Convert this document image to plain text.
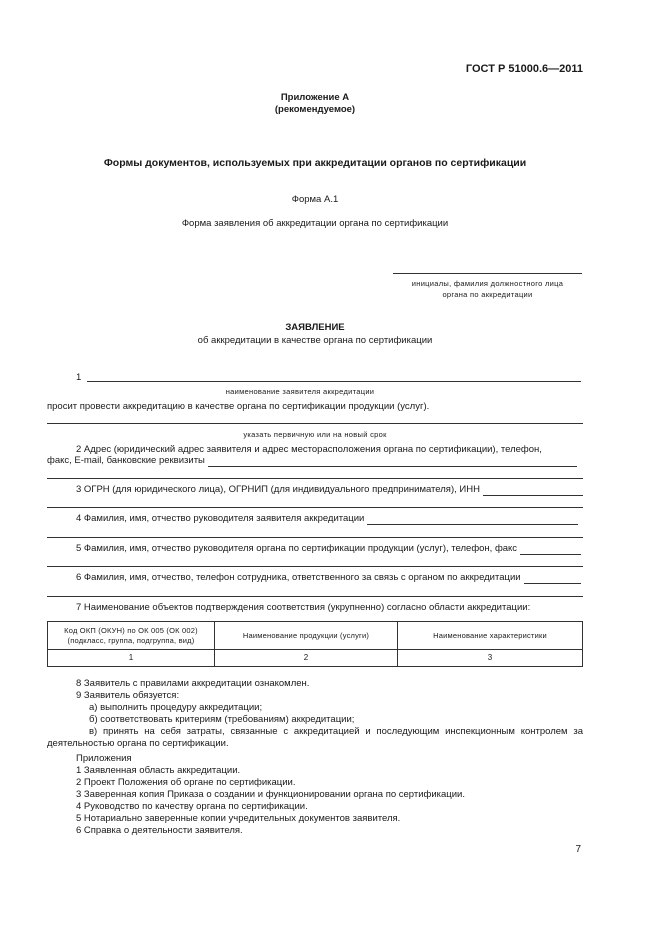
ГОСТ Р 51000.6—2011
Приложение А
(рекомендуемое)
Формы документов, используемых при аккредитации органов по сертификации
Форма А.1
Форма заявления об аккредитации органа по сертификации
инициалы, фамилия должностного лица
органа по аккредитации
ЗАЯВЛЕНИЕ
об аккредитации в качестве органа по сертификации
1
наименование заявителя аккредитации
просит провести аккредитацию в качестве органа по сертификации продукции (услуг).
указать первичную или на новый срок
2 Адрес (юридический адрес заявителя и адрес месторасположения органа по сертификации), телефон,
факс, E-mail, банковские реквизиты
3 ОГРН (для юридического лица), ОГРНИП (для индивидуального предпринимателя), ИНН
4 Фамилия, имя, отчество руководителя заявителя аккредитации
5 Фамилия, имя, отчество руководителя органа по сертификации продукции (услуг), телефон, факс
6 Фамилия, имя, отчество, телефон сотрудника, ответственного за связь с органом по аккредитации
7 Наименование объектов подтверждения соответствия (укрупненно) согласно области аккредитации:
Код ОКП (ОКУН) по ОК 005 (ОК 002) (подкласс, группа, подгруппа, вид)	Наименование продукции (услуги)	Наименование характеристики
1	2	3
8 Заявитель с правилами аккредитации ознакомлен.
9 Заявитель обязуется:
а) выполнить процедуру аккредитации;
б) соответствовать критериям (требованиям) аккредитации;
в) принять на себя затраты, связанные с аккредитацией и последующим инспекционным контролем за деятельностью органа по сертификации.
Приложения
1 Заявленная область аккредитации.
2 Проект Положения об органе по сертификации.
3 Заверенная копия Приказа о создании и функционировании органа по сертификации.
4 Руководство по качеству органа по сертификации.
5 Нотариально заверенные копии учредительных документов заявителя.
6 Справка о деятельности заявителя.
7
